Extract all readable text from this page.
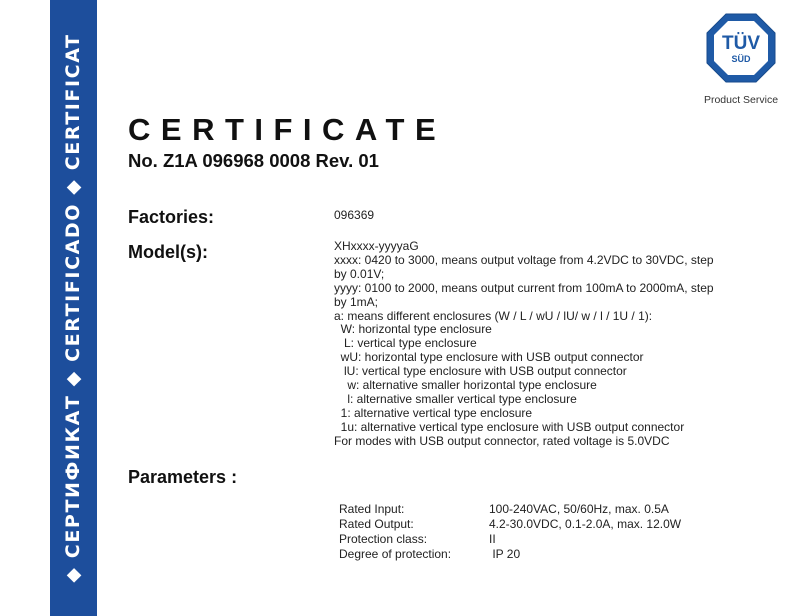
◆ СЕРТИФИКАТ ◆ CERTIFICADO ◆ CERTIFICAT	TÜV
SÜD
Product Service
CERTIFICATE
No. Z1A 096968 0008 Rev. 01
Factories:	096369
Model(s):	XHxxxx-yyyyaG
xxxx: 0420 to 3000, means output voltage from 4.2VDC to 30VDC, step
by 0.01V;
yyyy: 0100 to 2000, means output current from 100mA to 2000mA, step
by 1mA;
a: means different enclosures (W / L / wU / lU/ w / l / 1U / 1):
W: horizontal type enclosure
L: vertical type enclosure
wU: horizontal type enclosure with USB output connector
lU: vertical type enclosure with USB output connector
w: alternative smaller horizontal type enclosure
l: alternative smaller vertical type enclosure
1: alternative vertical type enclosure
1u: alternative vertical type enclosure with USB output connector
For modes with USB output connector, rated voltage is 5.0VDC
Parameters :
Rated Input:	100-240VAC, 50/60Hz, max. 0.5A
Rated Output:	4.2-30.0VDC, 0.1-2.0A, max. 12.0W
Protection class:	II
Degree of protection:	IP 20
